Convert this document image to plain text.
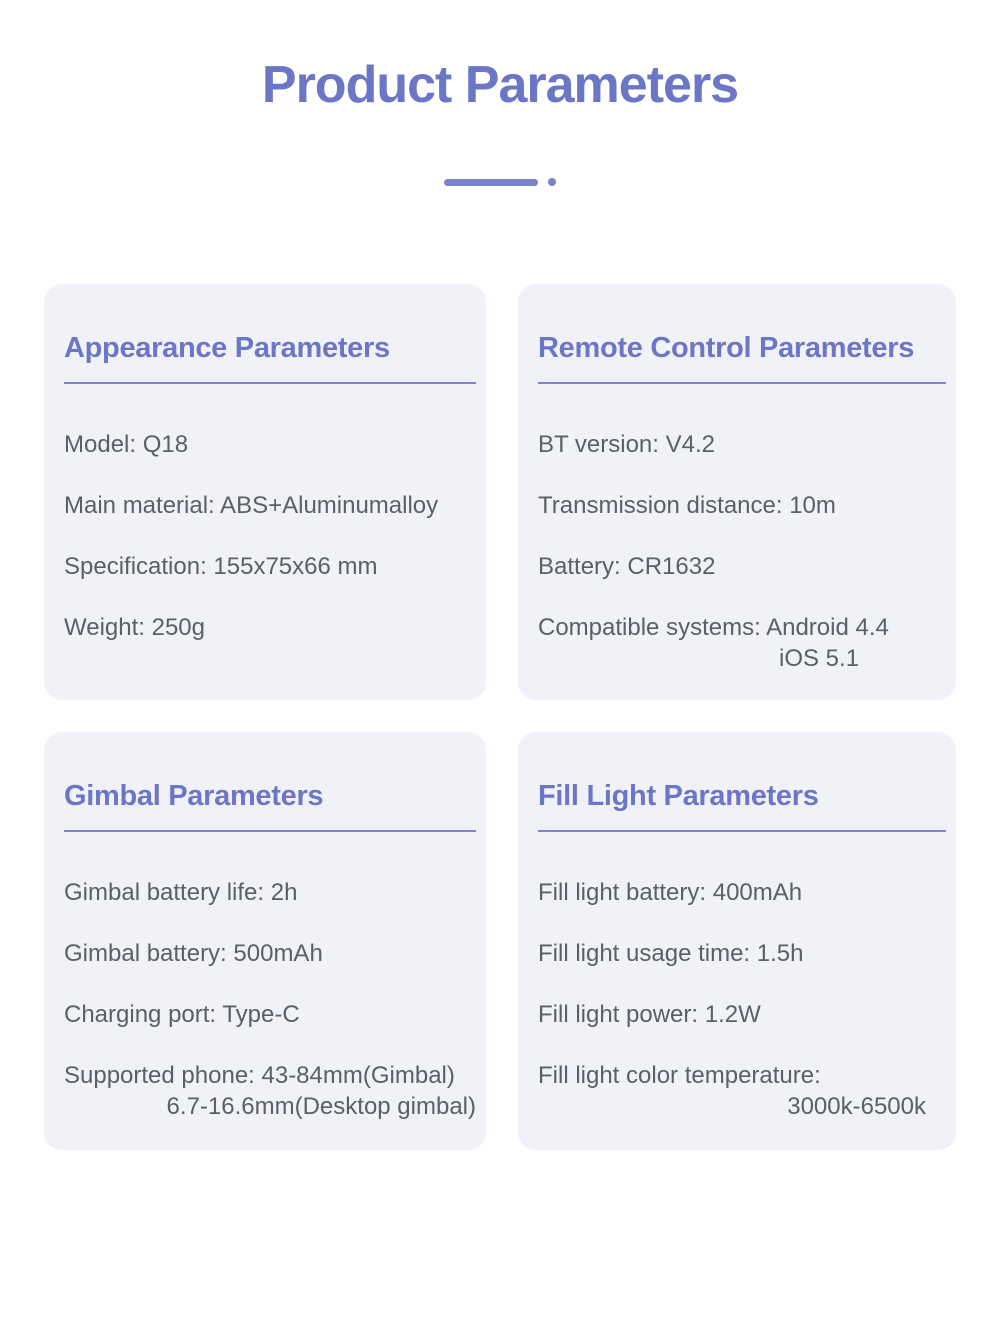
Product Parameters
Appearance Parameters

Model: Q18

Main material: ABS+Aluminumalloy

Specification: 155x75x66 mm

Weight: 250g

Remote Control Parameters

BT version: V4.2

Transmission distance: 10m

Battery: CR1632

Compatible systems: Android 4.4
iOS 5.1

Gimbal Parameters

Gimbal battery life: 2h

Gimbal battery: 500mAh

Charging port: Type-C

Supported phone: 43-84mm(Gimbal)
6.7-16.6mm(Desktop gimbal)

Fill Light Parameters

Fill light battery: 400mAh

Fill light usage time: 1.5h

Fill light power: 1.2W

Fill light color temperature:
3000k-6500k
